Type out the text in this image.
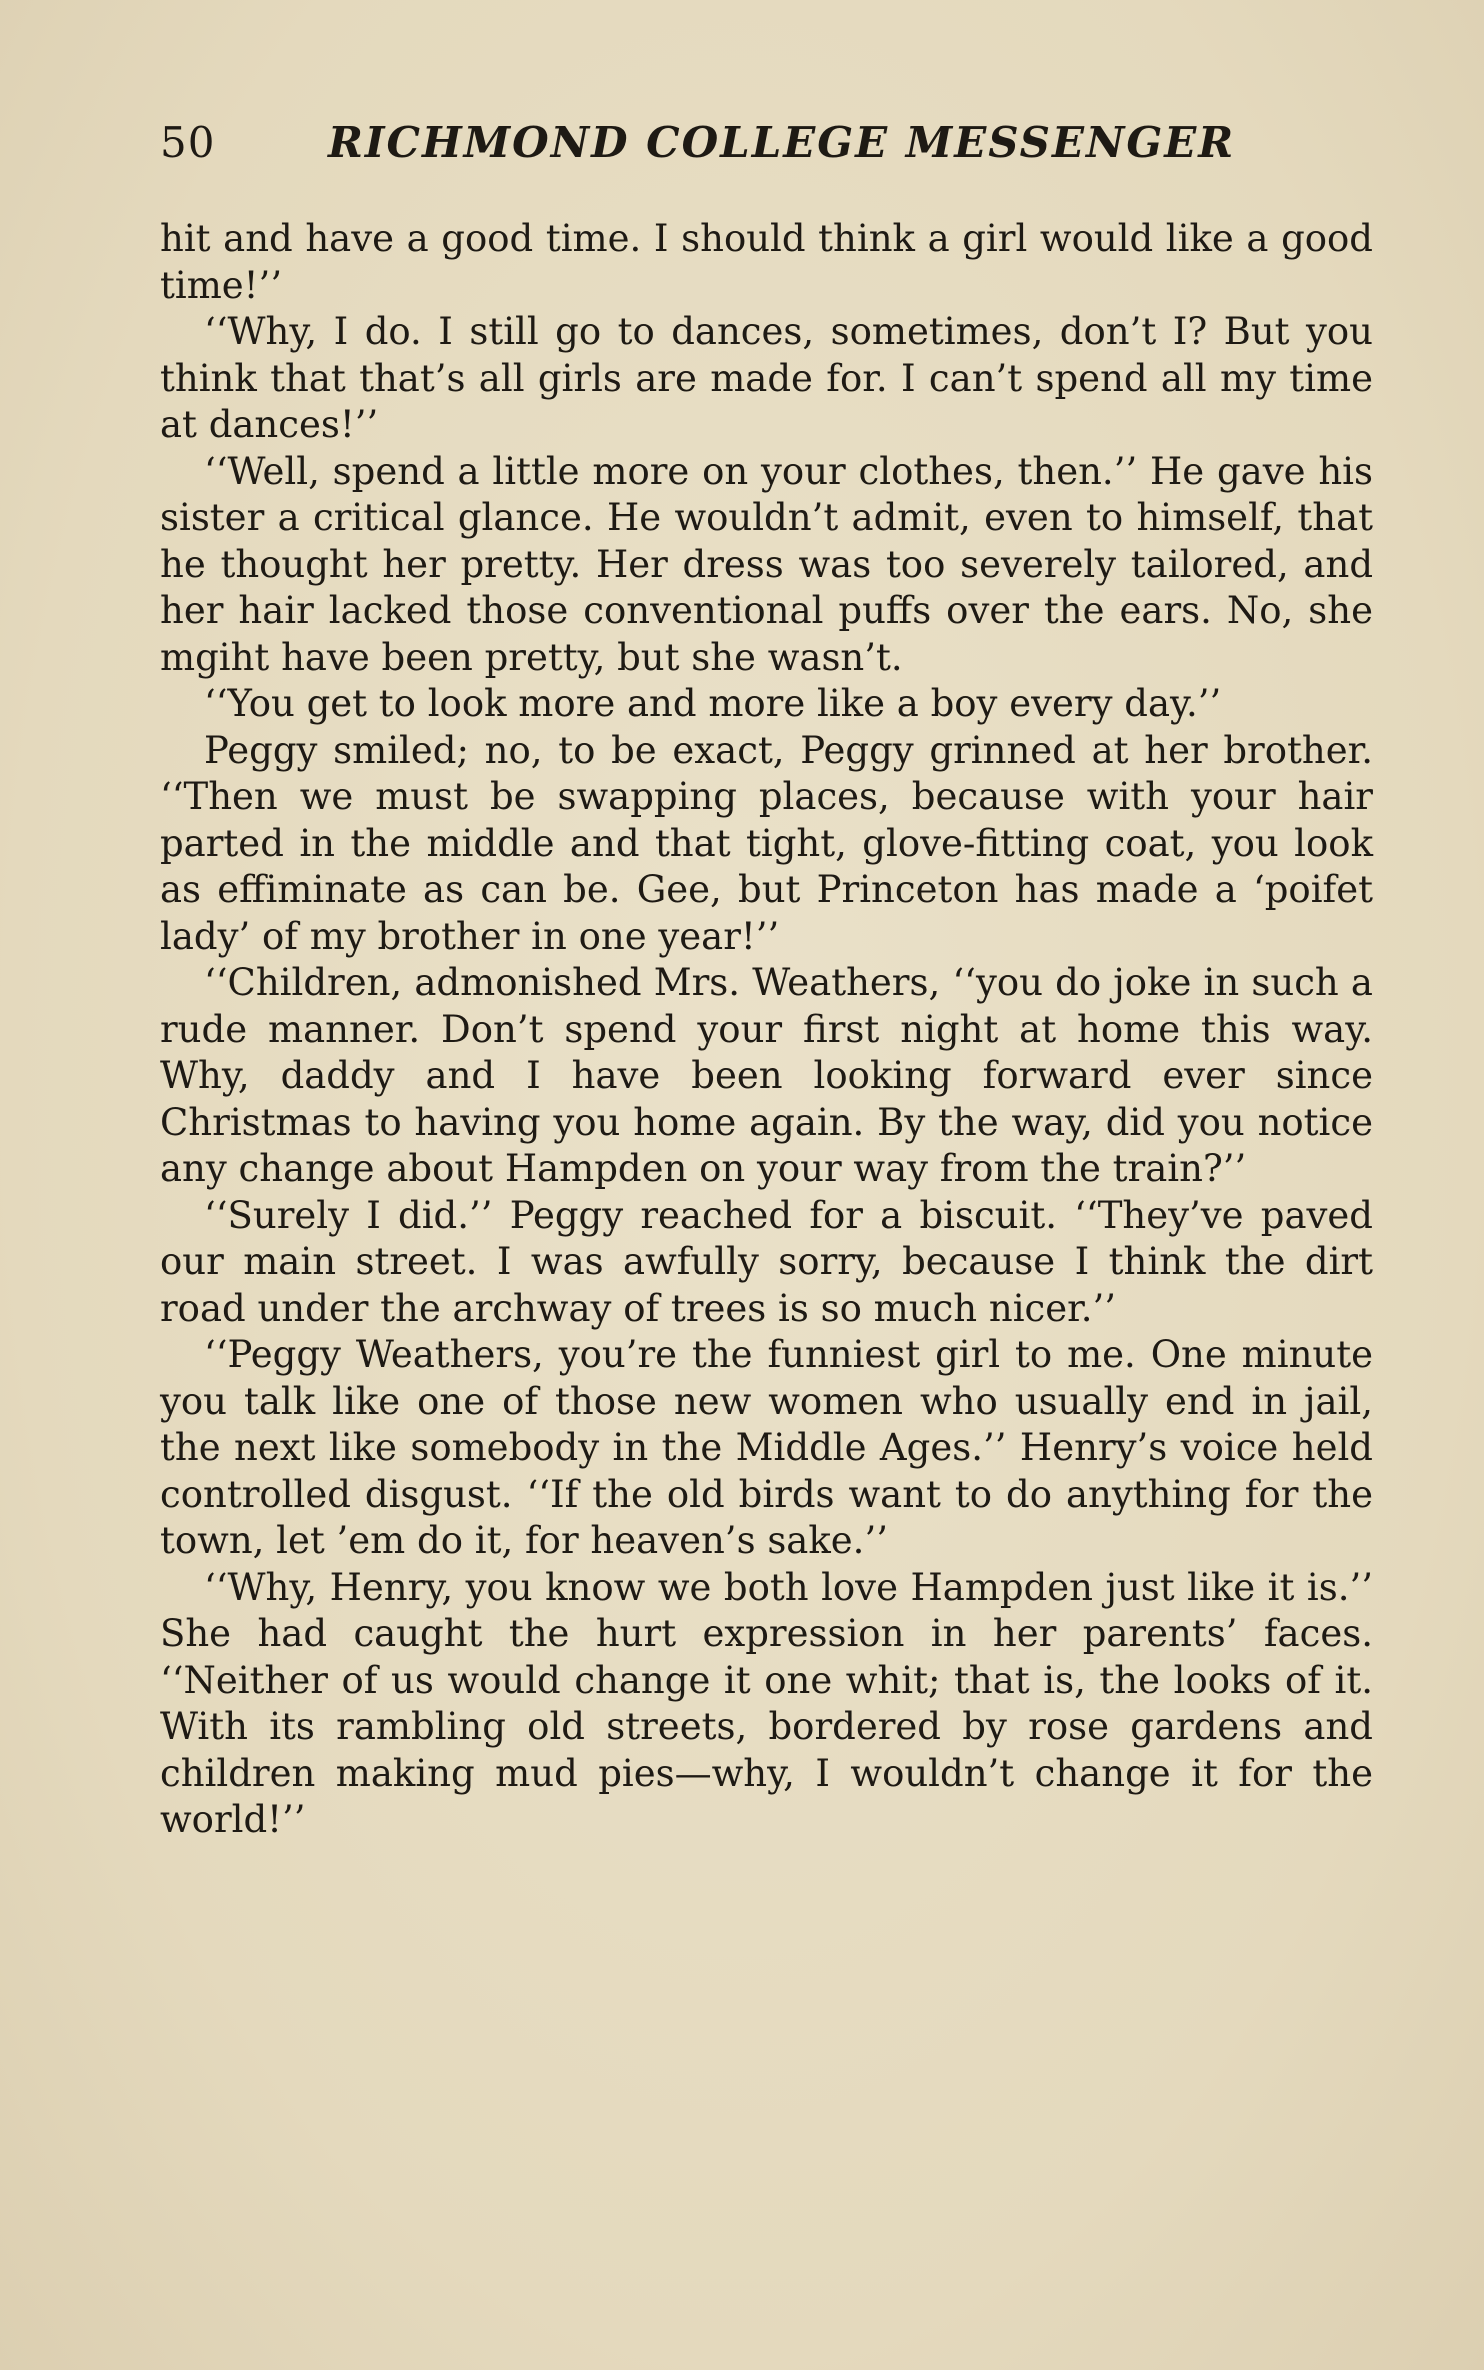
50	RICHMOND COLLEGE MESSENGER

hit and have a good time. I should think a girl would like a good time!’’

‘‘Why, I do. I still go to dances, sometimes, don’t I? But you think that that’s all girls are made for. I can’t spend all my time at dances!’’

‘‘Well, spend a little more on your clothes, then.’’ He gave his sister a critical glance. He wouldn’t admit, even to himself, that he thought her pretty. Her dress was too severely tailored, and her hair lacked those conventional puffs over the ears. No, she mgiht have been pretty, but she wasn’t.

‘‘You get to look more and more like a boy every day.’’

Peggy smiled; no, to be exact, Peggy grinned at her brother. ‘‘Then we must be swapping places, because with your hair parted in the middle and that tight, glove-fitting coat, you look as effiminate as can be. Gee, but Princeton has made a ‘poifet lady’ of my brother in one year!’’

‘‘Children, admonished Mrs. Weathers, ‘‘you do joke in such a rude manner. Don’t spend your first night at home this way. Why, daddy and I have been looking forward ever since Christmas to having you home again. By the way, did you notice any change about Hampden on your way from the train?’’

‘‘Surely I did.’’ Peggy reached for a biscuit. ‘‘They’ve paved our main street. I was awfully sorry, because I think the dirt road under the archway of trees is so much nicer.’’

‘‘Peggy Weathers, you’re the funniest girl to me. One minute you talk like one of those new women who usually end in jail, the next like somebody in the Middle Ages.’’ Henry’s voice held controlled disgust. ‘‘If the old birds want to do anything for the town, let ’em do it, for heaven’s sake.’’

‘‘Why, Henry, you know we both love Hampden just like it is.’’ She had caught the hurt expression in her parents’ faces. ‘‘Neither of us would change it one whit; that is, the looks of it. With its rambling old streets, bordered by rose gardens and children making mud pies—why, I wouldn’t change it for the world!’’
